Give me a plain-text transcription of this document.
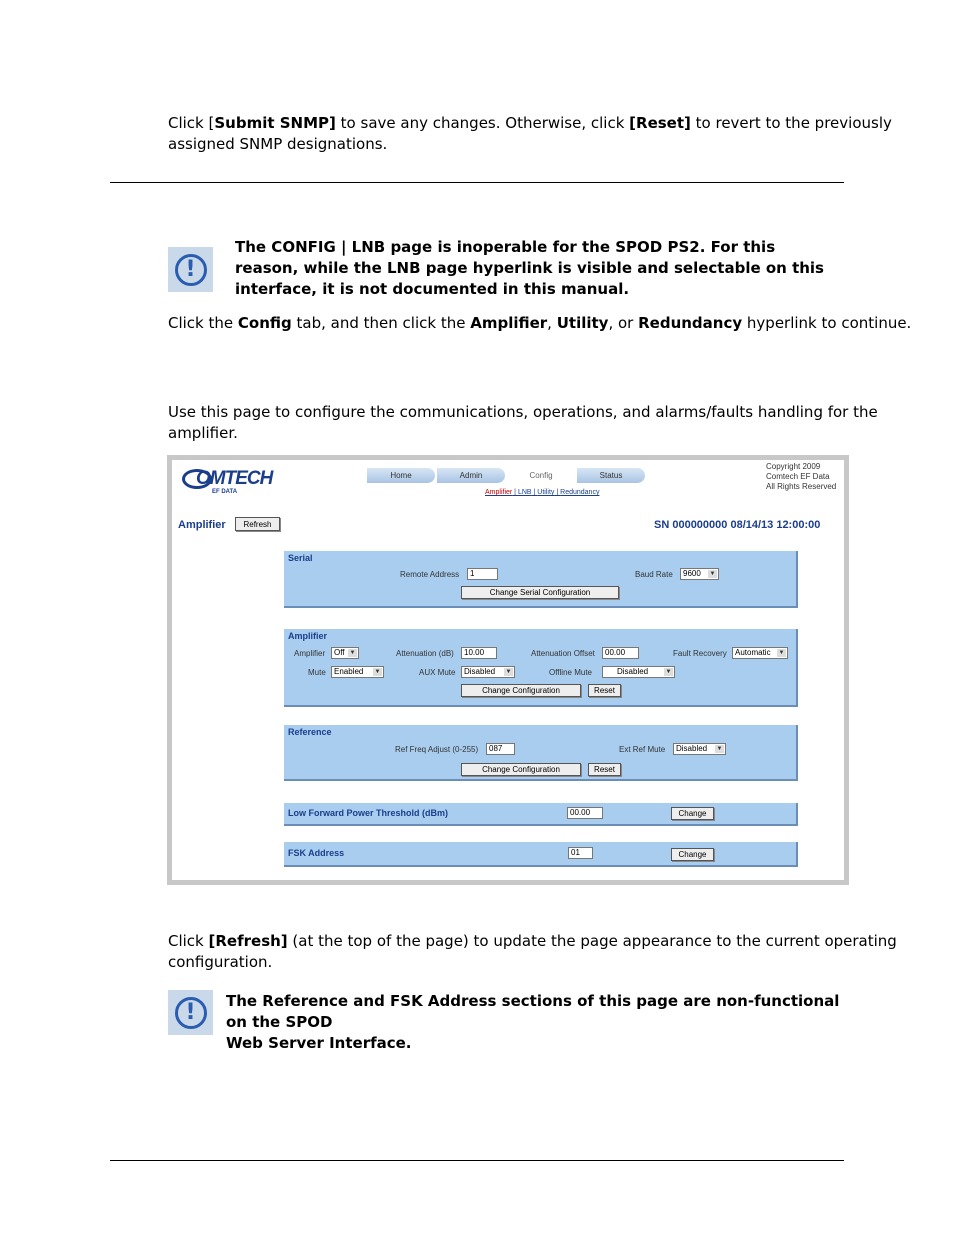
Click [Submit SNMP] to save any changes. Otherwise, click [Reset] to revert to the previously
assigned SNMP designations.
!
The CONFIG | LNB page is inoperable for the SPOD PS2. For this reason, while the LNB page hyperlink is visible and selectable on this interface, it is not documented in this manual.
Click the Config tab, and then click the Amplifier, Utility, or Redundancy hyperlink to continue.
Use this page to configure the communications, operations, and alarms/faults handling for the
amplifier.
OMTECH
EF DATA
Home	Admin	Config	Status
Amplifier | LNB | Utility | Redundancy
Copyright 2009
Comtech EF Data
All Rights Reserved
Amplifier	Refresh	SN 000000000 08/14/13 12:00:00
Serial
Remote Address	1	Baud Rate	9600 ▼
Change Serial Configuration
Amplifier
Amplifier	Off ▼	Attenuation (dB)	10.00	Attenuation Offset	00.00	Fault Recovery	Automatic ▼
Mute	Enabled ▼	AUX Mute	Disabled ▼	Offline Mute	Disabled	▼
Change Configuration	Reset
Reference
Ref Freq Adjust (0-255)	087	Ext Ref Mute	Disabled ▼
Change Configuration	Reset
Low Forward Power Threshold (dBm)	00.00	Change
FSK Address	01	Change
Click [Refresh] (at the top of the page) to update the page appearance to the current operating
configuration.
!	The Reference and FSK Address sections of this page are non-functional on the SPOD
Web Server Interface.
